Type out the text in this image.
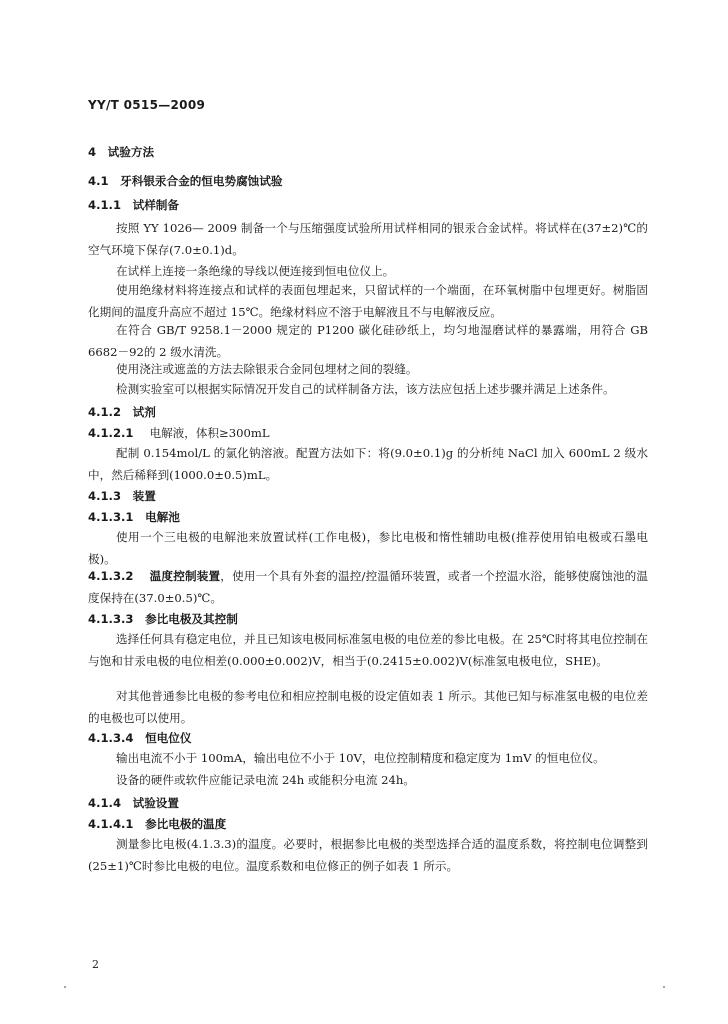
YY/T 0515—2009
4　试验方法
4.1　牙科银汞合金的恒电势腐蚀试验
4.1.1　试样制备
按照 YY 1026— 2009 制备一个与压缩强度试验所用试样相同的银汞合金试样。将试样在(37±2)℃的空气环境下保存(7.0±0.1)d。
在试样上连接一条绝缘的导线以便连接到恒电位仪上。
使用绝缘材料将连接点和试样的表面包埋起来，只留试样的一个端面，在环氧树脂中包埋更好。树脂固化期间的温度升高应不超过 15℃。绝缘材料应不溶于电解液且不与电解液反应。
在符合 GB/T 9258.1－2000 规定的 P1200 碳化硅砂纸上，均匀地湿磨试样的暴露端，用符合 GB 6682－92的 2 级水清洗。
使用浇注或遮盖的方法去除银汞合金同包埋材之间的裂缝。
检测实验室可以根据实际情况开发自己的试样制备方法，该方法应包括上述步骤并满足上述条件。
4.1.2　试剂
4.1.2.1 电解液，体积≥300mL
配制 0.154mol/L 的氯化钠溶液。配置方法如下：将(9.0±0.1)g 的分析纯 NaCl 加入 600mL 2 级水中，然后稀释到(1000.0±0.5)mL。
4.1.3　装置
4.1.3.1　电解池
使用一个三电极的电解池来放置试样(工作电极)，参比电极和惰性辅助电极(推荐使用铂电极或石墨电极)。
4.1.3.2 温度控制装置，使用一个具有外套的温控/控温循环装置，或者一个控温水浴，能够使腐蚀池的温度保持在(37.0±0.5)℃。
4.1.3.3　参比电极及其控制
选择任何具有稳定电位，并且已知该电极同标准氢电极的电位差的参比电极。在 25℃时将其电位控制在与饱和甘汞电极的电位相差(0.000±0.002)V，相当于(0.2415±0.002)V(标准氢电极电位，SHE)。
对其他普通参比电极的参考电位和相应控制电极的设定值如表 1 所示。其他已知与标准氢电极的电位差的电极也可以使用。
4.1.3.4　恒电位仪
输出电流不小于 100mA，输出电位不小于 10V，电位控制精度和稳定度为 1mV 的恒电位仪。
设备的硬件或软件应能记录电流 24h 或能积分电流 24h。
4.1.4　试验设置
4.1.4.1　参比电极的温度
测量参比电极(4.1.3.3)的温度。必要时，根据参比电极的类型选择合适的温度系数，将控制电位调整到(25±1)℃时参比电极的电位。温度系数和电位修正的例子如表 1 所示。
2
